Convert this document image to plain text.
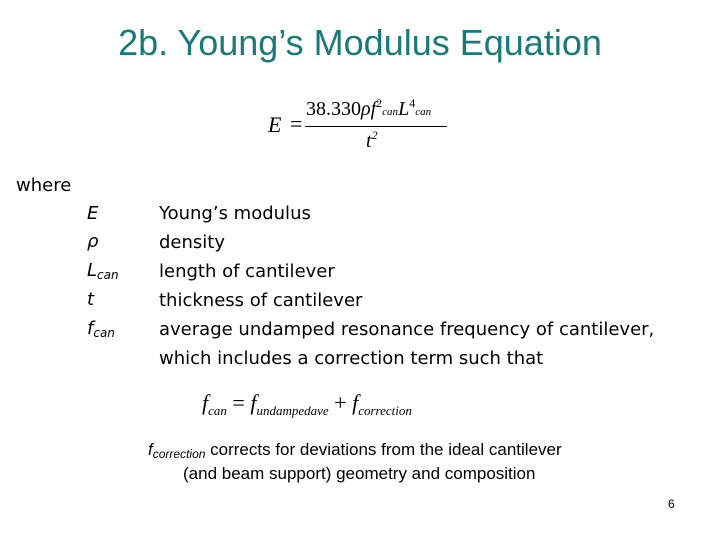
2b. Young’s Modulus Equation
E =
$38.330\rho f^2canL^4can$
$t^2$
where
E
ρ
$L_{can}$
t
$f_{can}$
Young’s modulus
density
length of cantilever
thickness of cantilever
average undamped resonance frequency of cantilever,
which includes a correction term such that
$f_{can} = f_{undampedave} + f_{correction}$
$f_{correction}$ corrects for deviations from the ideal cantilever
(and beam support) geometry and composition
6
